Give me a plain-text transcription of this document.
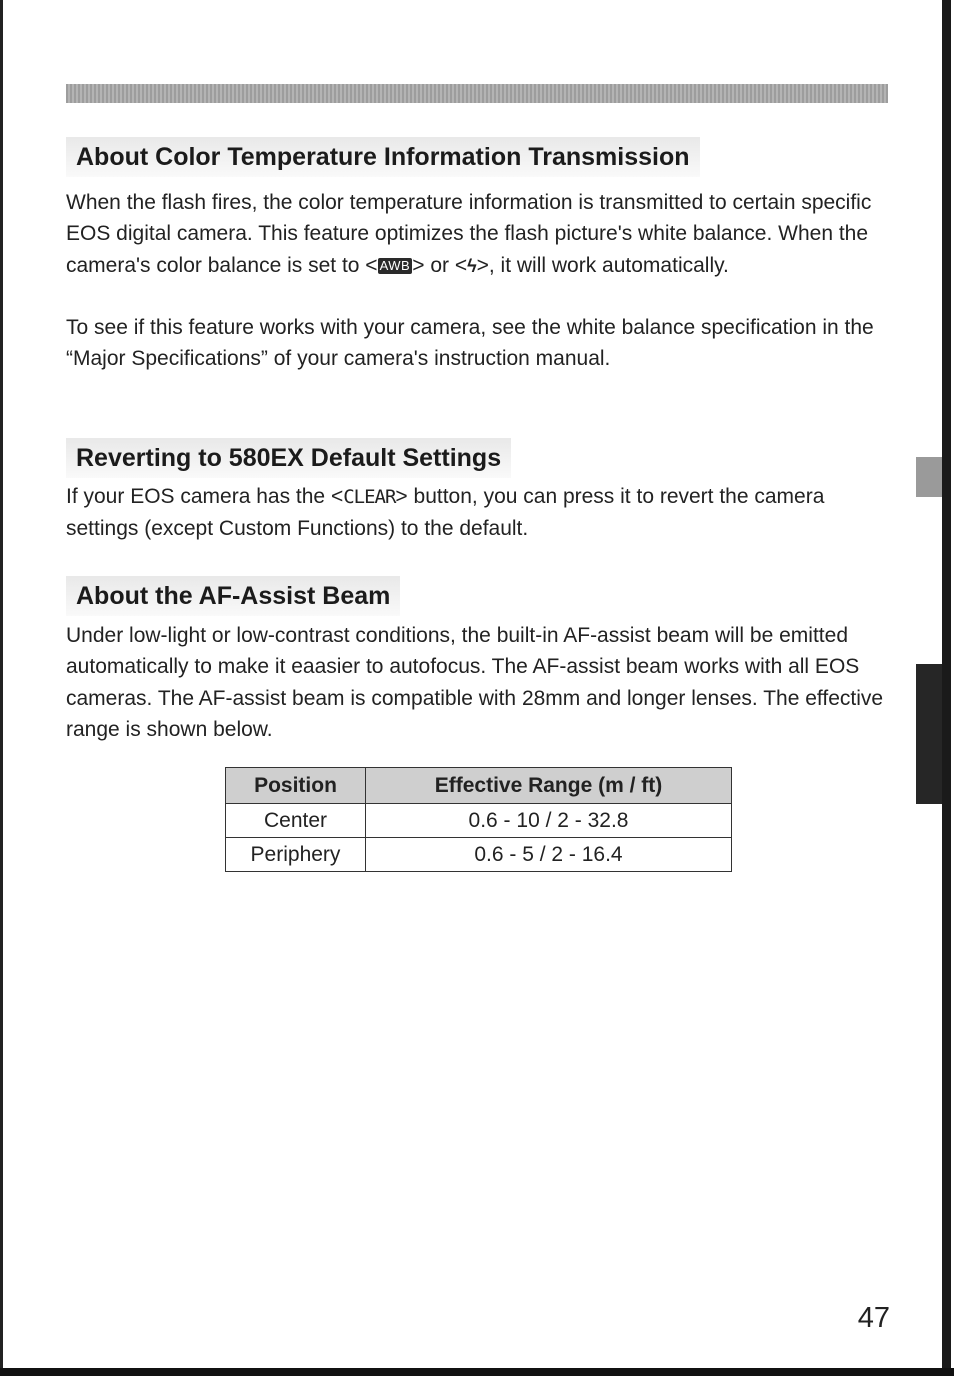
About Color Temperature Information Transmission

When the flash fires, the color temperature information is transmitted to certain specific EOS digital camera. This feature optimizes the flash picture's white balance. When the camera's color balance is set to < AWB> or <ϟ>, it will work automatically.

To see if this feature works with your camera, see the white balance specification in the “Major Specifications” of your camera's instruction manual.

Reverting to 580EX Default Settings

If your EOS camera has the <CLEAR> button, you can press it to revert the camera settings (except Custom Functions) to the default.

About the AF-Assist Beam

Under low-light or low-contrast conditions, the built-in AF-assist beam will be emitted automatically to make it eaasier to autofocus. The AF-assist beam works with all EOS cameras. The AF-assist beam is compatible with 28mm and longer lenses. The effective range is shown below.

Position	Effective Range (m / ft)
Center	0.6 - 10 / 2 - 32.8
Periphery	0.6 - 5 / 2 - 16.4
47
